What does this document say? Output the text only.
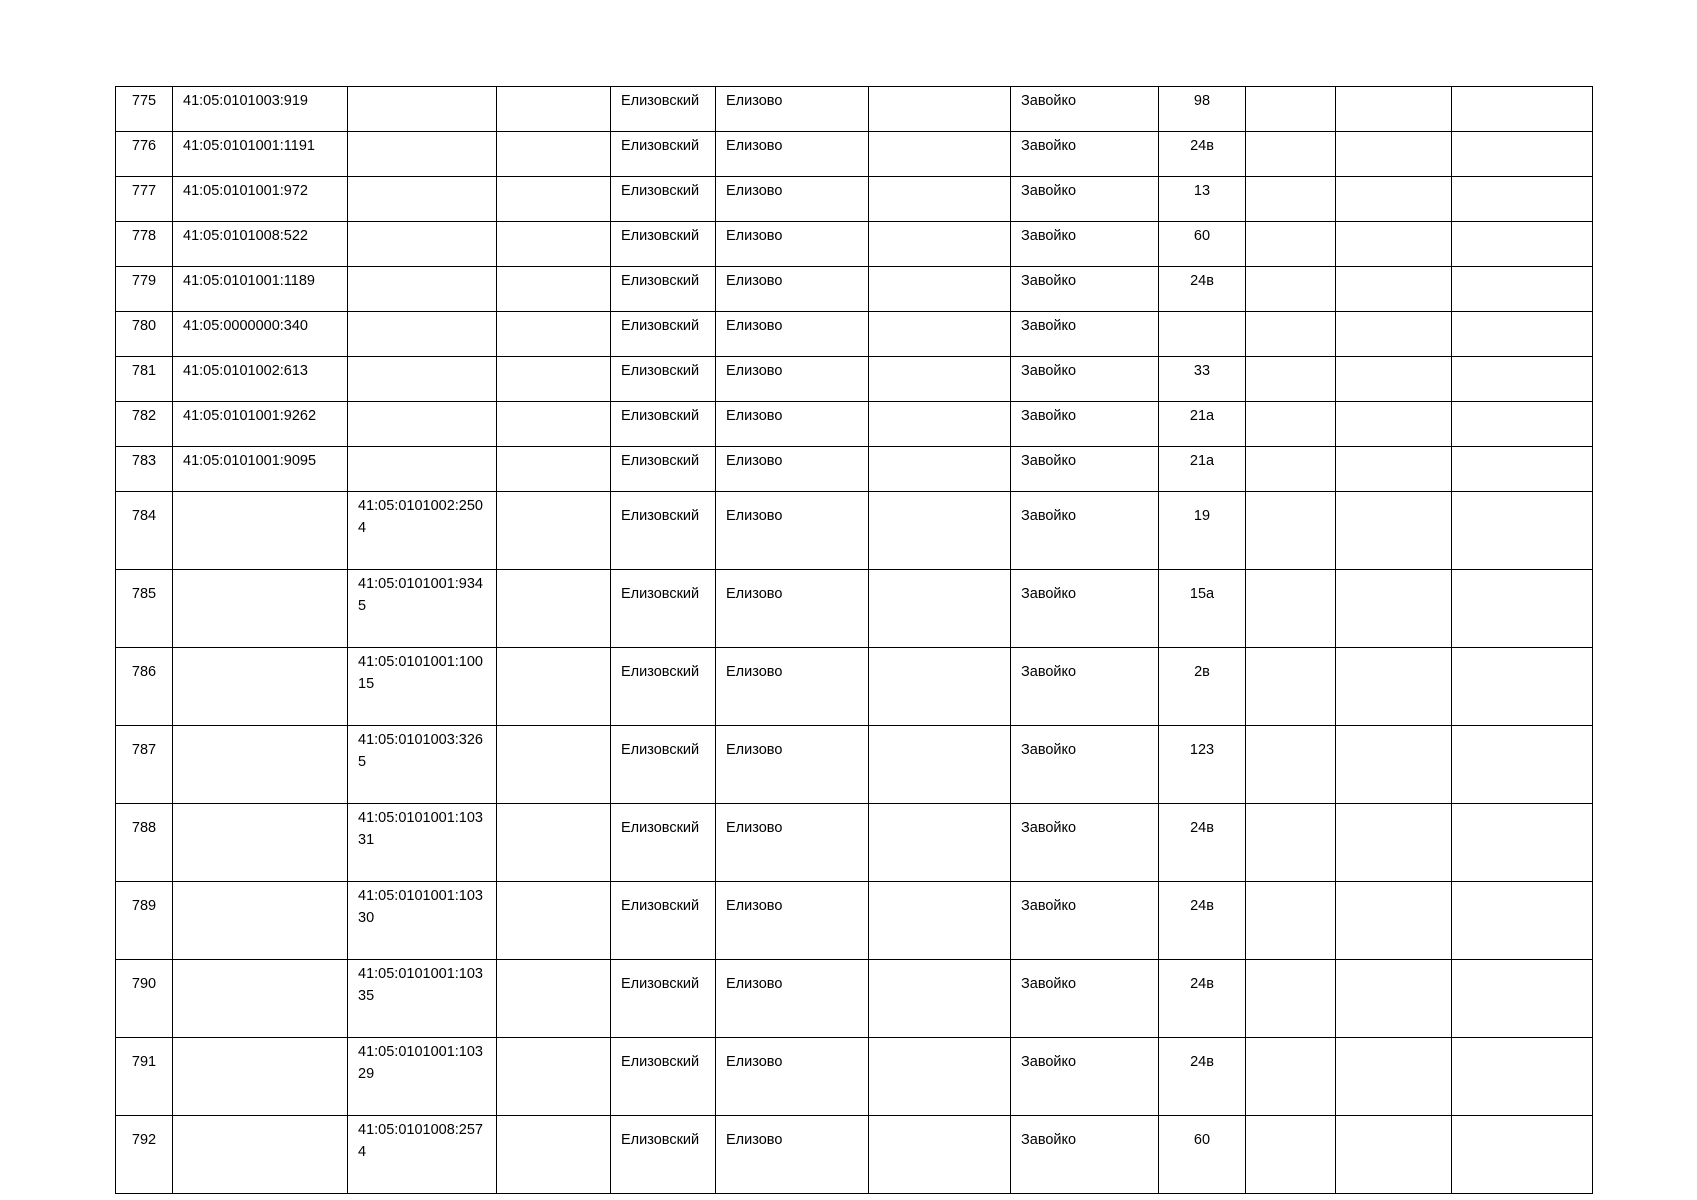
775	41:05:0101003:919			Елизовский	Елизово		Завойко	98			
776	41:05:0101001:1191			Елизовский	Елизово		Завойко	24в			
777	41:05:0101001:972			Елизовский	Елизово		Завойко	13			
778	41:05:0101008:522			Елизовский	Елизово		Завойко	60			
779	41:05:0101001:1189			Елизовский	Елизово		Завойко	24в			
780	41:05:0000000:340			Елизовский	Елизово		Завойко				
781	41:05:0101002:613			Елизовский	Елизово		Завойко	33			
782	41:05:0101001:9262			Елизовский	Елизово		Завойко	21а			
783	41:05:0101001:9095			Елизовский	Елизово		Завойко	21а			
784		41:05:0101002:2504		Елизовский	Елизово		Завойко	19			
785		41:05:0101001:9345		Елизовский	Елизово		Завойко	15а			
786		41:05:0101001:10015		Елизовский	Елизово		Завойко	2в			
787		41:05:0101003:3265		Елизовский	Елизово		Завойко	123			
788		41:05:0101001:10331		Елизовский	Елизово		Завойко	24в			
789		41:05:0101001:10330		Елизовский	Елизово		Завойко	24в			
790		41:05:0101001:10335		Елизовский	Елизово		Завойко	24в			
791		41:05:0101001:10329		Елизовский	Елизово		Завойко	24в			
792		41:05:0101008:2574		Елизовский	Елизово		Завойко	60			
